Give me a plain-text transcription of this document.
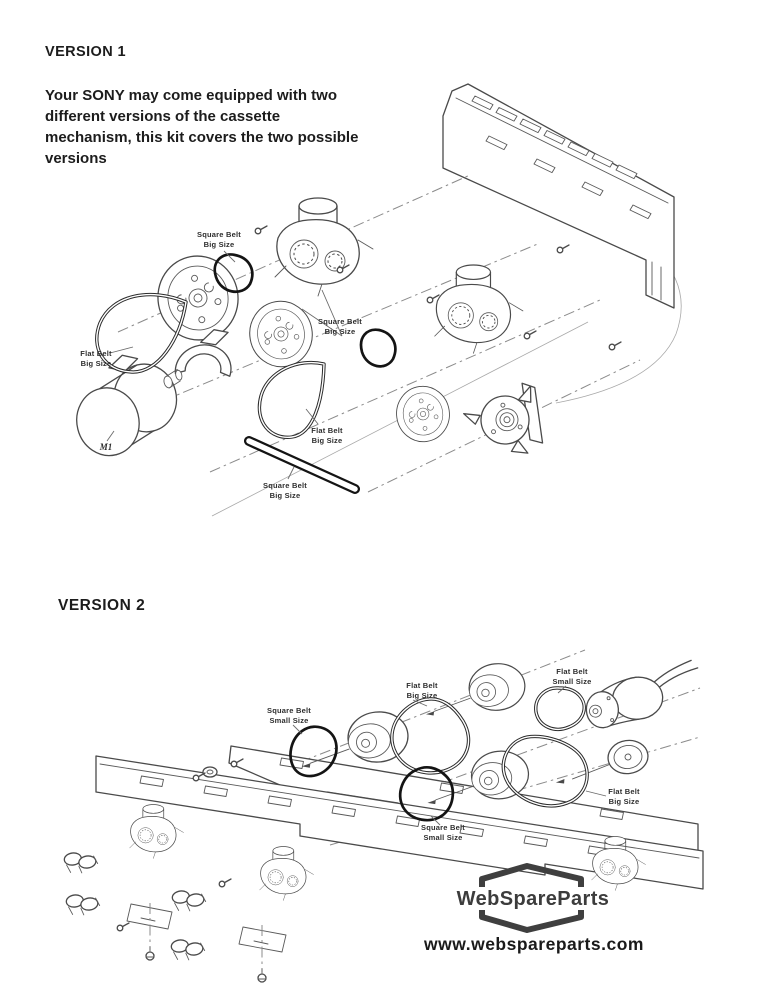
VERSION 1
Your SONY may come equipped with two different versions of the cassette mechanism, this kit covers the two possible versions
VERSION 2
Square Belt
Big Size
Flat Belt
Big Size
Square Belt
Big Size
Flat Belt
Big Size
Square Belt
Big Size
M1
Square Belt
Small Size
Flat Belt
Big Size
Flat Belt
Small Size
Square Belt
Small Size
Flat Belt
Big Size
WebSpareParts
www.webspareparts.com
